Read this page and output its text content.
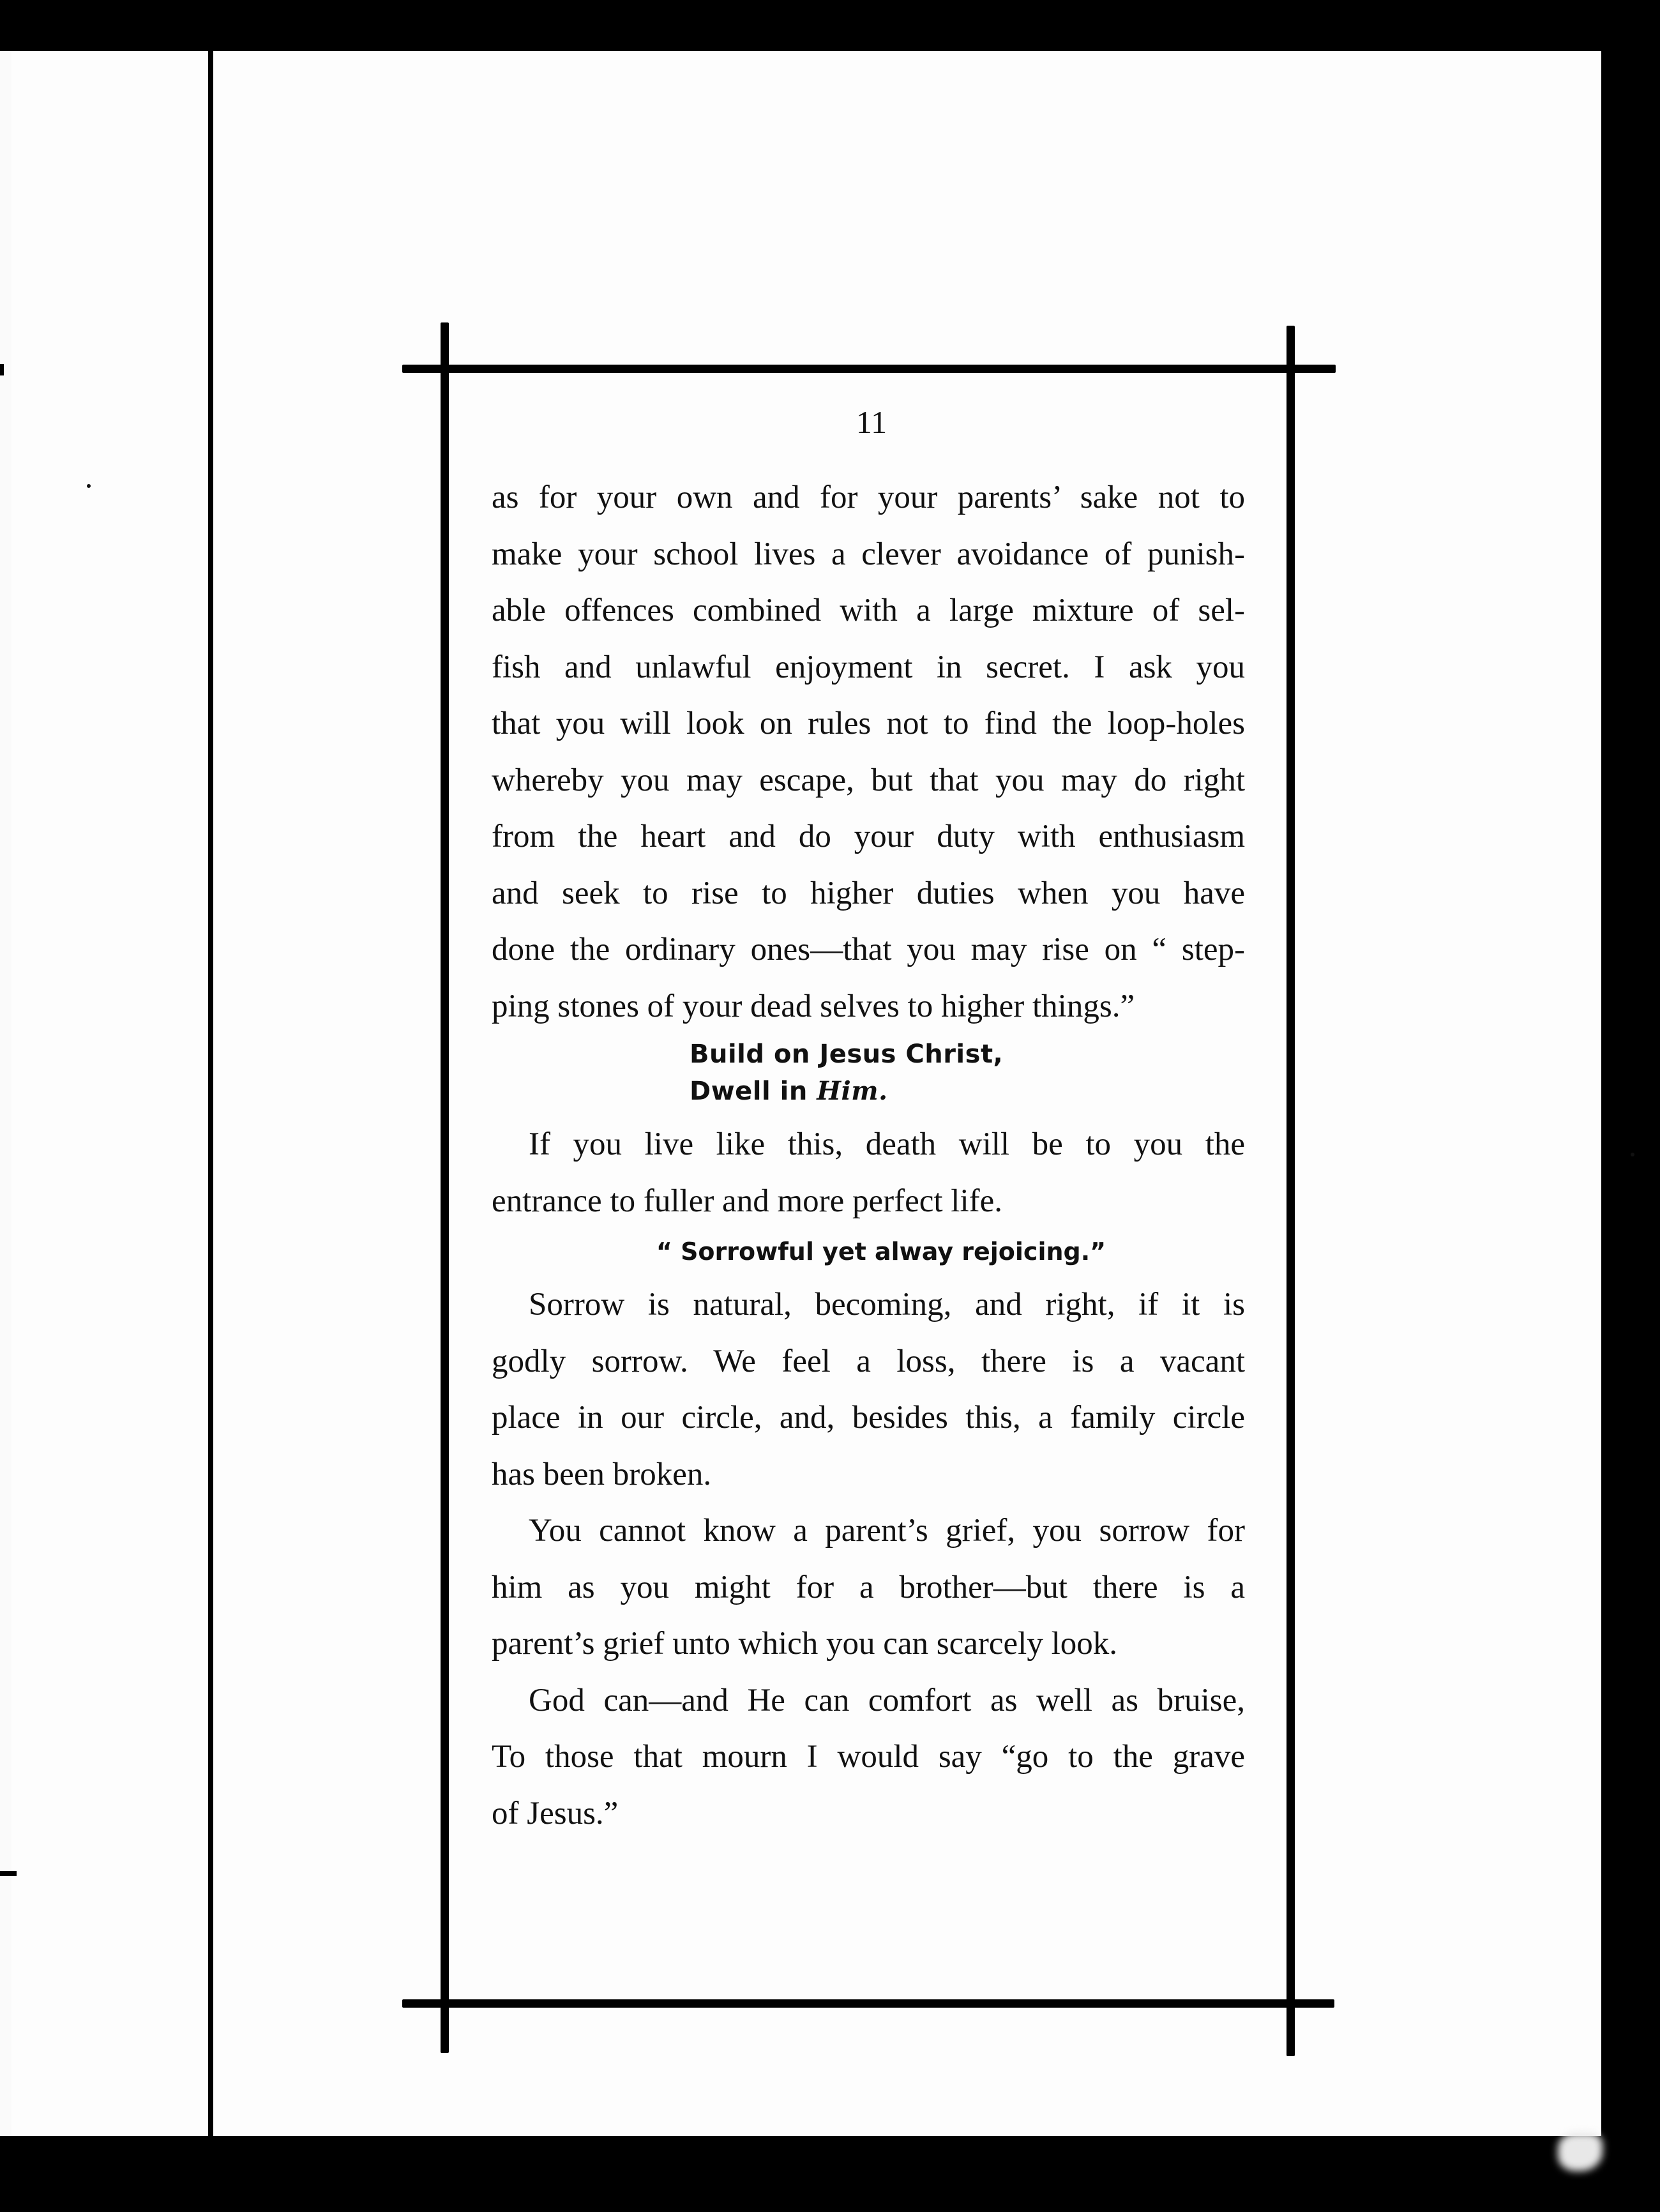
11
as for your own and for your parents’ sake not to
make your school lives a clever avoidance of punish-
able offences combined with a large mixture of sel-
fish and unlawful enjoyment in secret. I ask you
that you will look on rules not to find the loop-holes
whereby you may escape, but that you may do right
from the heart and do your duty with enthusiasm
and seek to rise to higher duties when you have
done the ordinary ones—that you may rise on “ step-
ping stones of your dead selves to higher things.”
Build on Jesus Christ,
Dwell in Him.
If you live like this, death will be to you the
entrance to fuller and more perfect life.
“ Sorrowful yet alway rejoicing.”
Sorrow is natural, becoming, and right, if it is
godly sorrow. We feel a loss, there is a vacant
place in our circle, and, besides this, a family circle
has been broken.
You cannot know a parent’s grief, you sorrow for
him as you might for a brother—but there is a
parent’s grief unto which you can scarcely look.
God can—and He can comfort as well as bruise,
To those that mourn I would say “go to the grave
of Jesus.”
